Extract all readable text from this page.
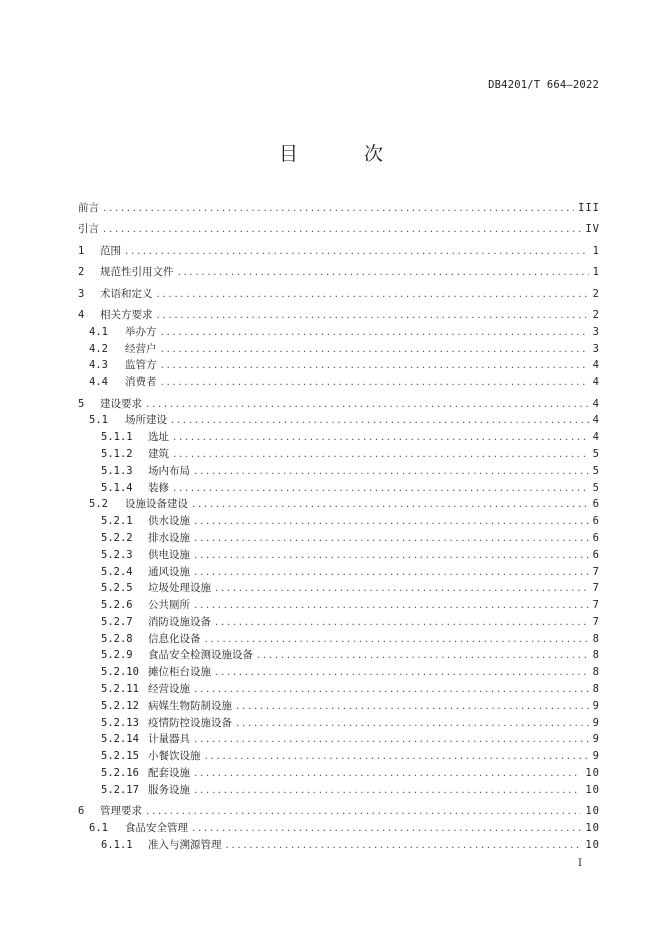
DB4201/T 664—2022
目 次
前言 .....	III
引言 .....	IV
1	范围 .....	1
2	规范性引用文件 .....	1
3	术语和定义 .....	2
4	相关方要求 .....	2
4.1	举办方 .....	3
4.2	经营户 .....	3
4.3	监管方 .....	4
4.4	消费者 .....	4
5	建设要求 .....	4
5.1	场所建设 .....	4
5.1.1	选址 .....	4
5.1.2	建筑 .....	5
5.1.3	场内布局 .....	5
5.1.4	装修 .....	5
5.2	设施设备建设 .....	6
5.2.1	供水设施 .....	6
5.2.2	排水设施 .....	6
5.2.3	供电设施 .....	6
5.2.4	通风设施 .....	7
5.2.5	垃圾处理设施 .....	7
5.2.6	公共厕所 .....	7
5.2.7	消防设施设备 .....	7
5.2.8	信息化设备 .....	8
5.2.9	食品安全检测设施设备 .....	8
5.2.10 摊位柜台设施 .....	8
5.2.11 经营设施 .....	8
5.2.12 病媒生物防制设施 .....	9
5.2.13 疫情防控设施设备 .....	9
5.2.14 计量器具 .....	9
5.2.15 小餐饮设施 .....	9
5.2.16 配套设施 .....	10
5.2.17 服务设施 .....	10
6	管理要求 .....	10
6.1	食品安全管理 .....	10
6.1.1	准入与溯源管理 .....	10
I
